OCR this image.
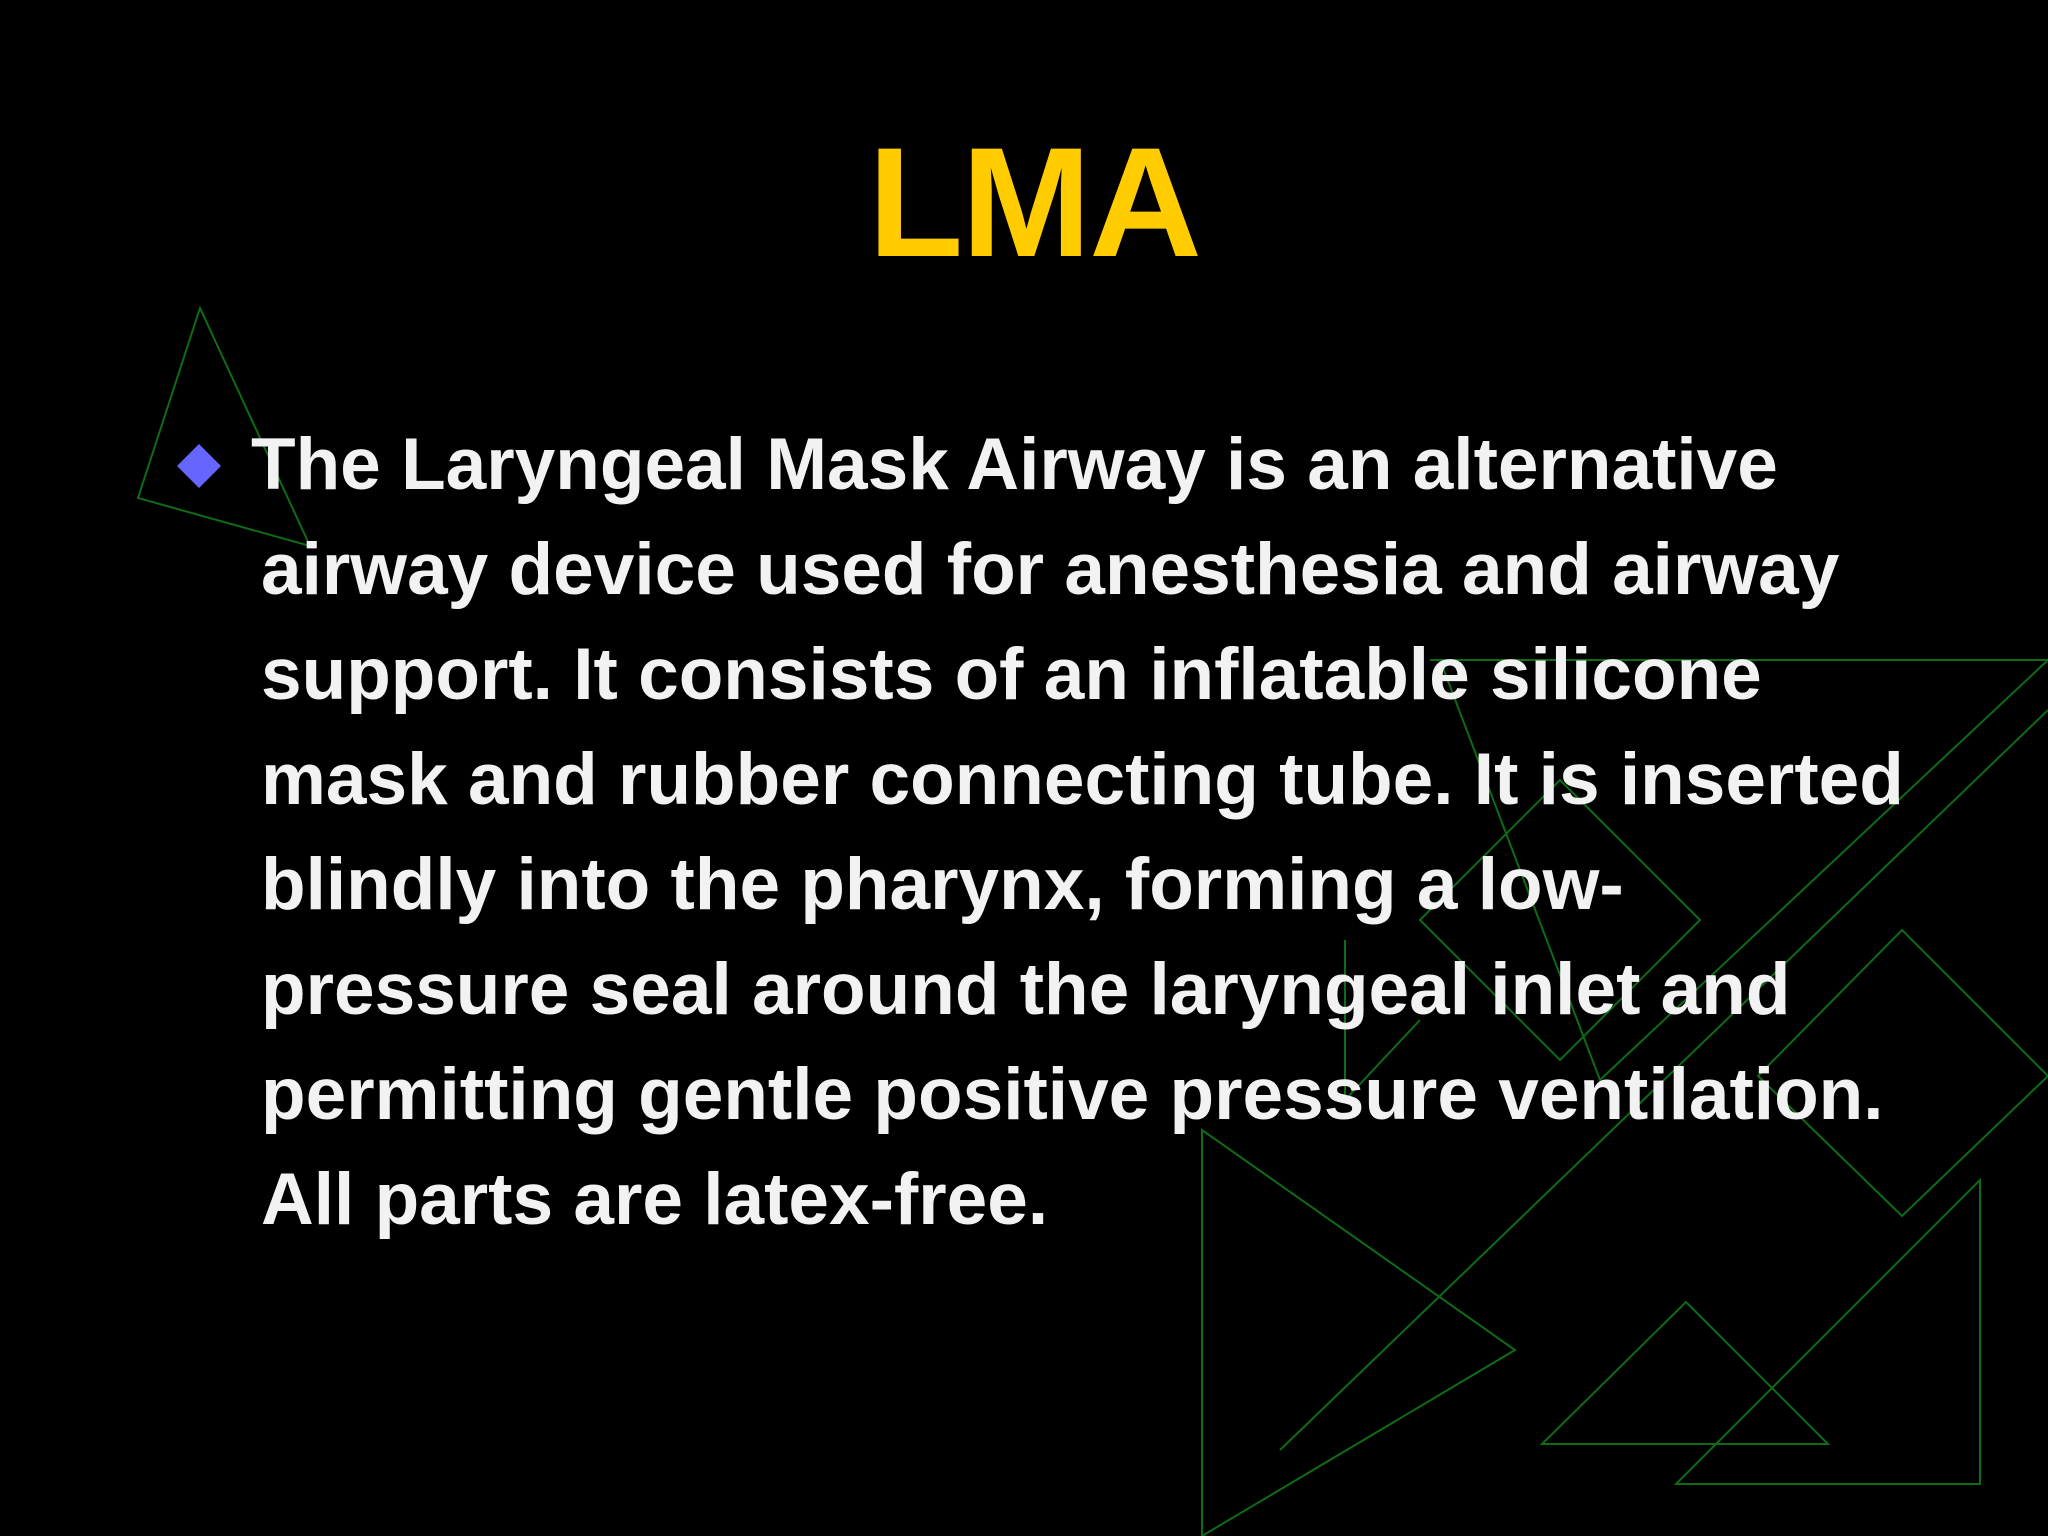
LMA

The Laryngeal Mask Airway is an alternative airway device used for anesthesia and airway support. It consists of an inflatable silicone mask and rubber connecting tube. It is inserted blindly into the pharynx, forming a low-pressure seal around the laryngeal inlet and permitting gentle positive pressure ventilation. All parts are latex-free.
